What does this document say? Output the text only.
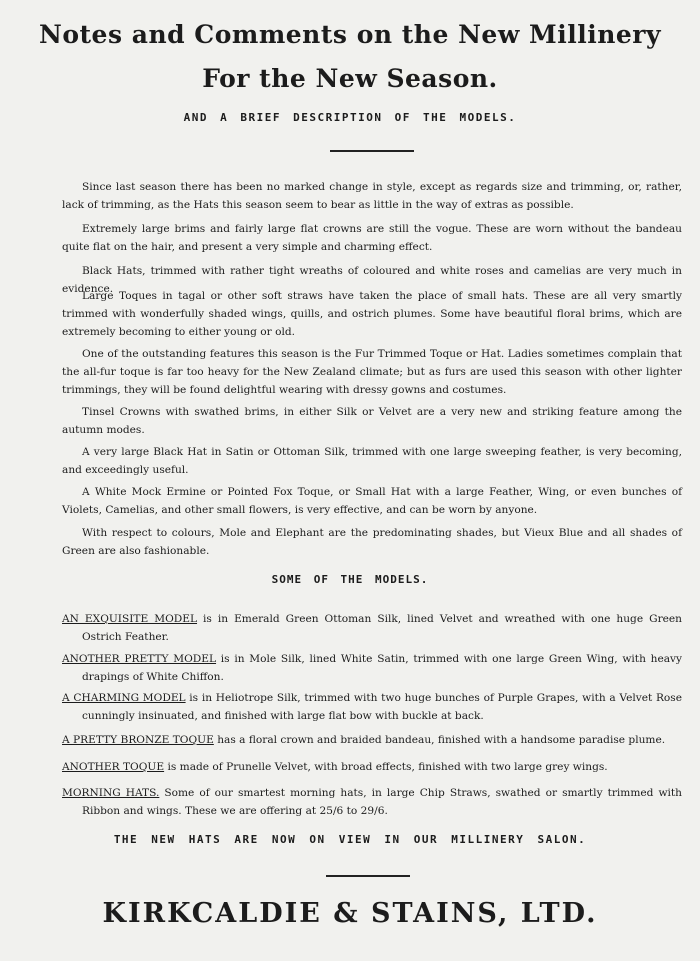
Notes and Comments on the New Millinery
For the New Season.
AND A BRIEF DESCRIPTION OF THE MODELS.
Since last season there has been no marked change in style, except as regards size and trimming, or, rather, lack of trimming, as the Hats this season seem to bear as little in the way of extras as possible.
Extremely large brims and fairly large flat crowns are still the vogue. These are worn without the bandeau quite flat on the hair, and present a very simple and charming effect.
Black Hats, trimmed with rather tight wreaths of coloured and white roses and camelias are very much in evidence.
Large Toques in tagal or other soft straws have taken the place of small hats. These are all very smartly trimmed with wonderfully shaded wings, quills, and ostrich plumes. Some have beautiful floral brims, which are extremely becoming to either young or old.
One of the outstanding features this season is the Fur Trimmed Toque or Hat. Ladies sometimes complain that the all-fur toque is far too heavy for the New Zealand climate; but as furs are used this season with other lighter trimmings, they will be found delightful wearing with dressy gowns and costumes.
Tinsel Crowns with swathed brims, in either Silk or Velvet are a very new and striking feature among the autumn modes.
A very large Black Hat in Satin or Ottoman Silk, trimmed with one large sweeping feather, is very becoming, and exceedingly useful.
A White Mock Ermine or Pointed Fox Toque, or Small Hat with a large Feather, Wing, or even bunches of Violets, Camelias, and other small flowers, is very effective, and can be worn by anyone.
With respect to colours, Mole and Elephant are the predominating shades, but Vieux Blue and all shades of Green are also fashionable.
SOME OF THE MODELS.
AN EXQUISITE MODEL is in Emerald Green Ottoman Silk, lined Velvet and wreathed with one huge Green Ostrich Feather.
ANOTHER PRETTY MODEL is in Mole Silk, lined White Satin, trimmed with one large Green Wing, with heavy drapings of White Chiffon.
A CHARMING MODEL is in Heliotrope Silk, trimmed with two huge bunches of Purple Grapes, with a Velvet Rose cunningly insinuated, and finished with large flat bow with buckle at back.
A PRETTY BRONZE TOQUE has a floral crown and braided bandeau, finished with a handsome paradise plume.
ANOTHER TOQUE is made of Prunelle Velvet, with broad effects, finished with two large grey wings.
MORNING HATS. Some of our smartest morning hats, in large Chip Straws, swathed or smartly trimmed with Ribbon and wings. These we are offering at 25/6 to 29/6.
THE NEW HATS ARE NOW ON VIEW IN OUR MILLINERY SALON.
KIRKCALDIE & STAINS, LTD.
